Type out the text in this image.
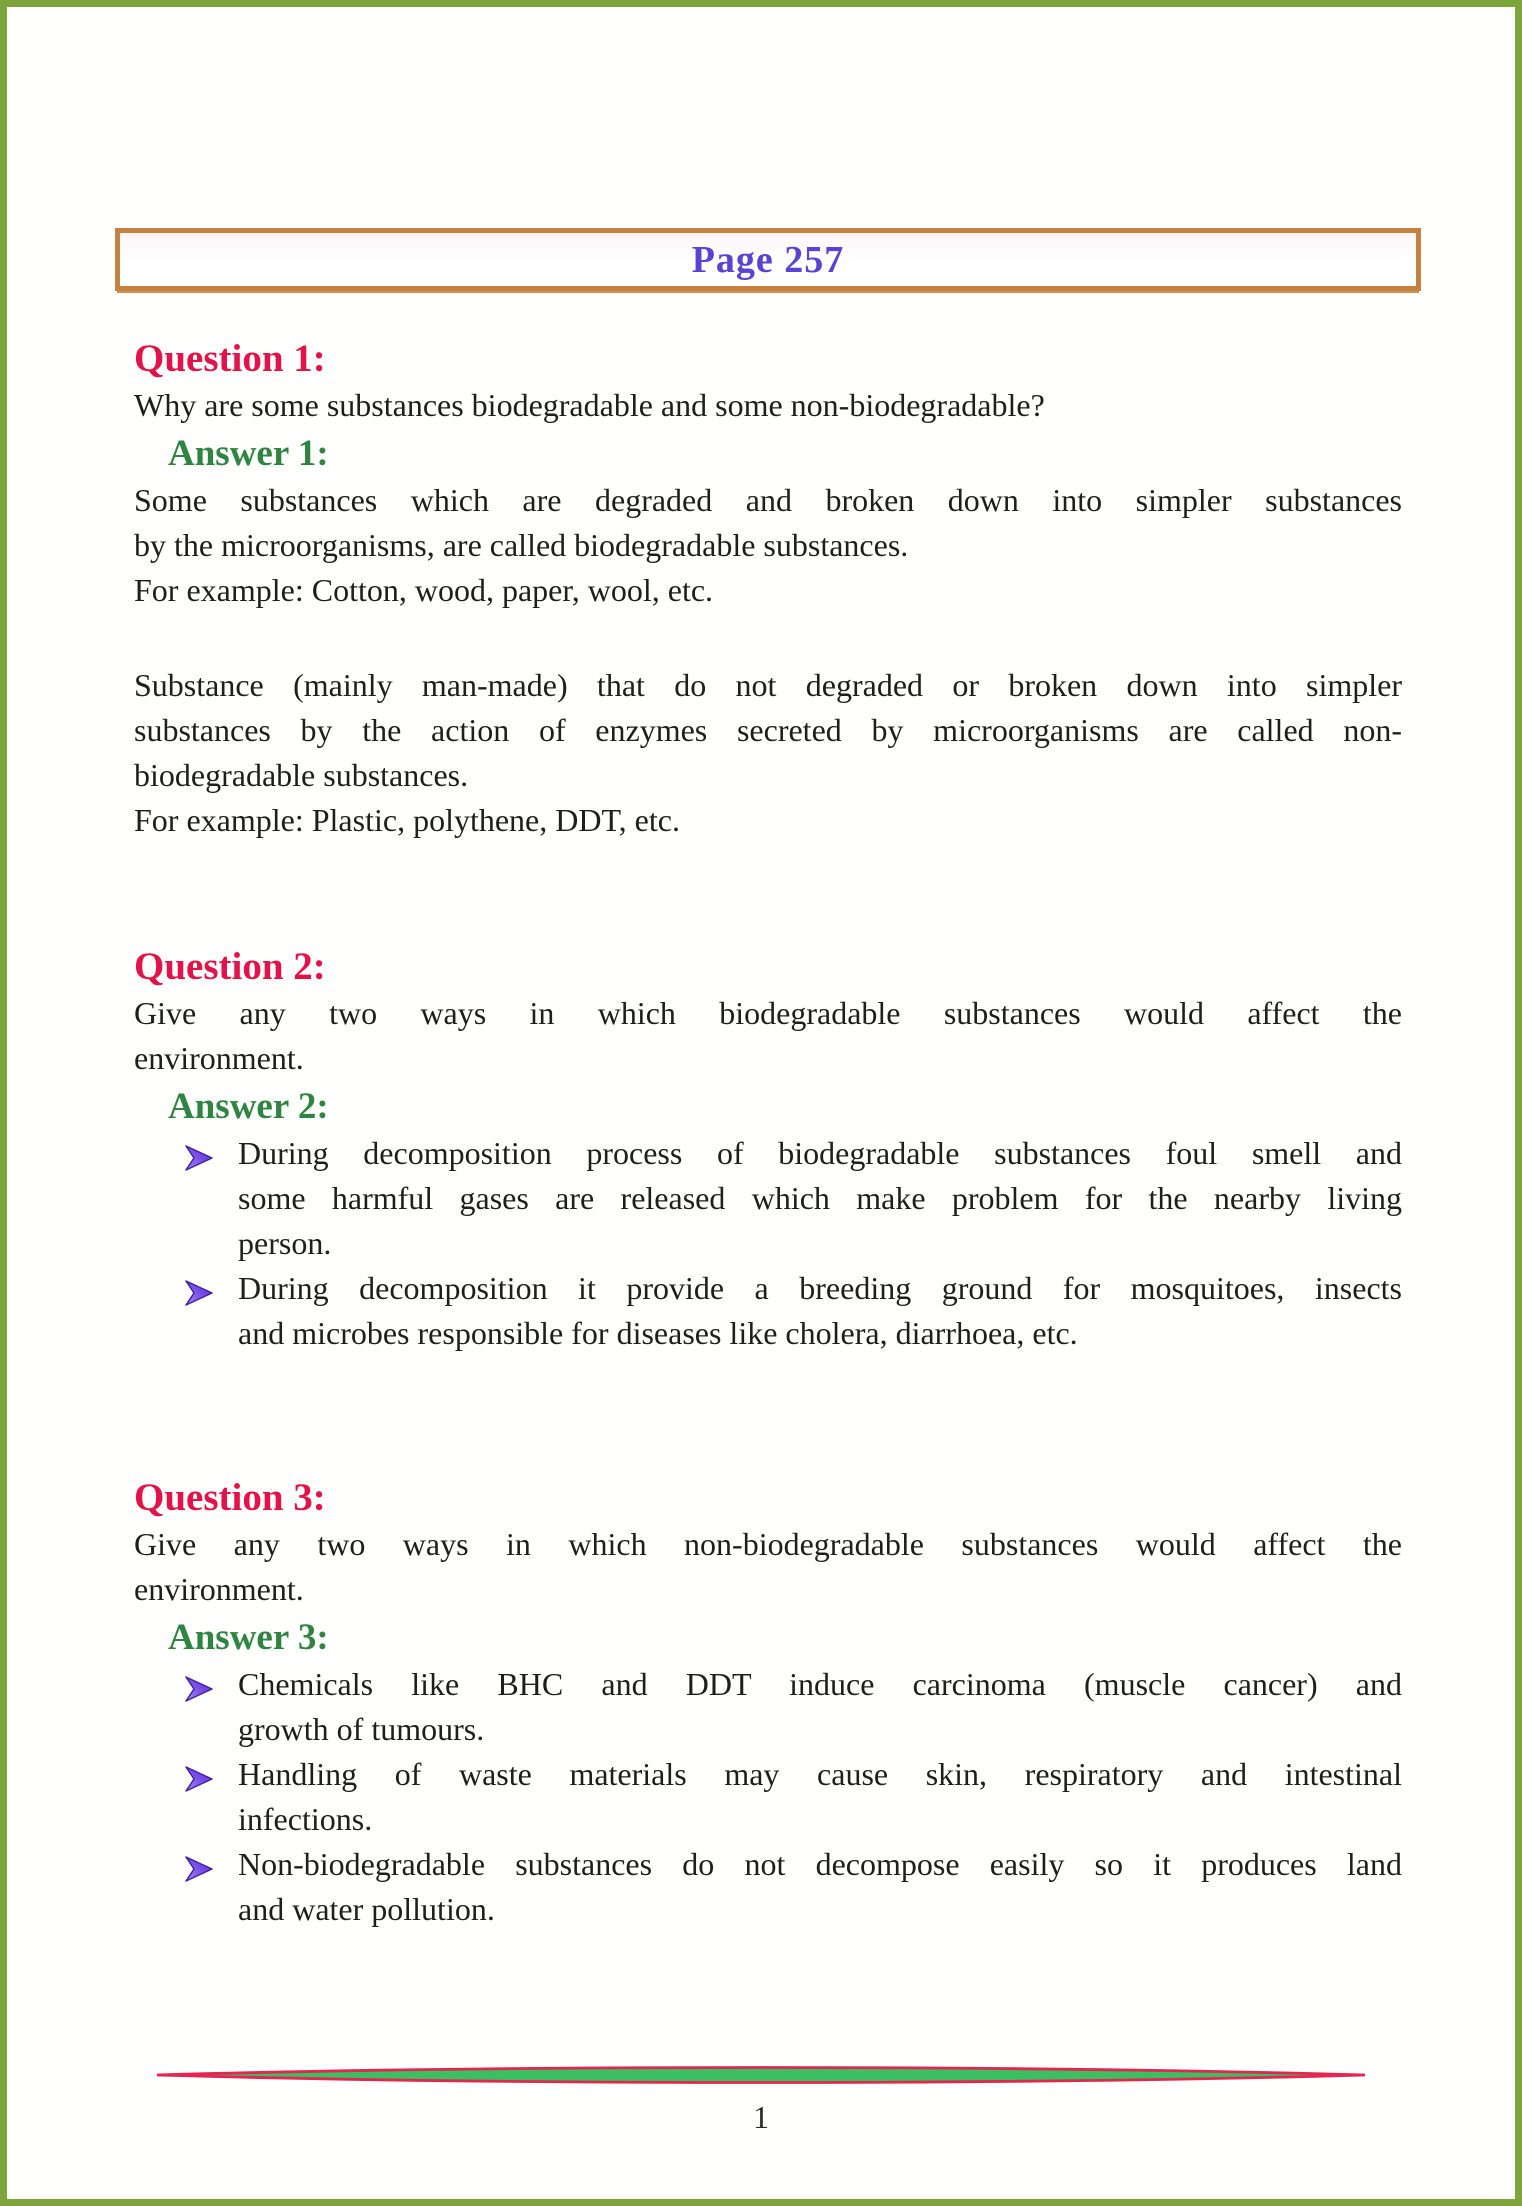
Page 257
Question 1:
Why are some substances biodegradable and some non-biodegradable?
Answer 1:
Some substances which are degraded and broken down into simpler substances
by the microorganisms, are called biodegradable substances.
For example: Cotton, wood, paper, wool, etc.
Substance (mainly man-made) that do not degraded or broken down into simpler
substances by the action of enzymes secreted by microorganisms are called non-
biodegradable substances.
For example: Plastic, polythene, DDT, etc.
Question 2:
Give any two ways in which biodegradable substances would affect the
environment.
Answer 2:
During decomposition process of biodegradable substances foul smell and
some harmful gases are released which make problem for the nearby living
person.
During decomposition it provide a breeding ground for mosquitoes, insects
and microbes responsible for diseases like cholera, diarrhoea, etc.
Question 3:
Give any two ways in which non-biodegradable substances would affect the
environment.
Answer 3:
Chemicals like BHC and DDT induce carcinoma (muscle cancer) and
growth of tumours.
Handling of waste materials may cause skin, respiratory and intestinal
infections.
Non-biodegradable substances do not decompose easily so it produces land
and water pollution.
1
